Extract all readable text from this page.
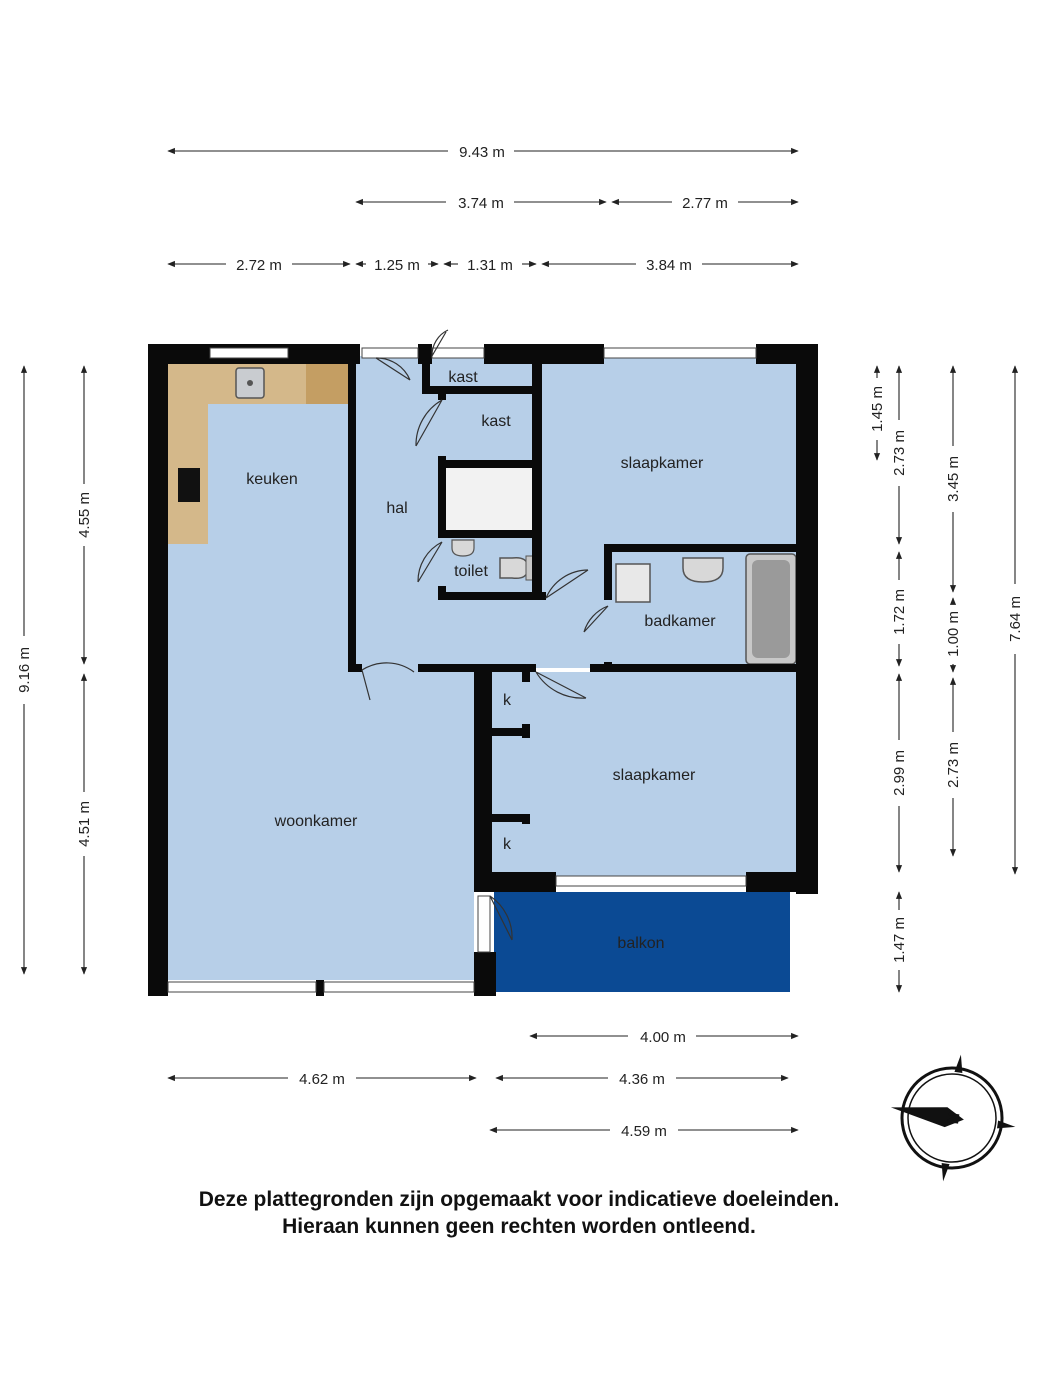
keuken
hal
kast
kast
toilet
slaapkamer
badkamer
k
k
slaapkamer
woonkamer
balkon
9.43 m
3.74 m	2.77 m
2.72 m	1.25 m	1.31 m	3.84 m
4.00 m
4.62 m	4.36 m
4.59 m
9.16 m
4.55 m
4.51 m
1.45 m
2.73 m
1.72 m
2.99 m
1.47 m
3.45 m
1.00 m
2.73 m
7.64 m
N
Deze plattegronden zijn opgemaakt voor indicatieve doeleinden.
Hieraan kunnen geen rechten worden ontleend.
